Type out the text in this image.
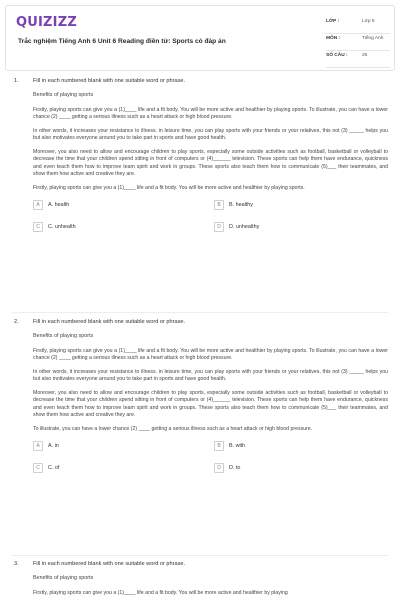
QUIZIZZ
Trắc nghiệm Tiếng Anh 6 Unit 6 Reading điền từ: Sports có đáp án
LỚP :	Lớp 6
MÔN :	Tiếng Anh
SỐ CÂU :	25
1.	Fill in each numbered blank with one suitable word or phrase.
Benefits of playing sports

Firstly, playing sports can give you a (1)____ life and a fit body. You will be more active and healthier by playing sports. To illustrate, you can have a lower chance (2) ____ getting a serious illness such as a heart attack or high blood pressure.

In other words, it increases your resistance to illness. in leisure time, you can play sports with your friends or your relatives, this not (3) _____ helps you but also motivates everyone around you to take part in sports and have good health.

Moreover, you also need to allow and encourage children to play sports, especially some outside activities such as football, basketball or volleyball to decrease the time that your children spend sitting in front of computers or (4)______ television. These sports can help them have endurance, quickness and even teach them how to improve team spirit and work in groups. These sports also teach them how to communicate (5)___ their teammates, and show them how active and creative they are.

Firstly, playing sports can give you a (1)____ life and a fit body. You will be more active and healthier by playing sports.

A	A. health	B	B. healthy
C	C. unhealth	D	D. unhealthy
2.	Fill in each numbered blank with one suitable word or phrase.
Benefits of playing sports

Firstly, playing sports can give you a (1)____ life and a fit body. You will be more active and healthier by playing sports. To illustrate, you can have a lower chance (2) ____ getting a serious illness such as a heart attack or high blood pressure.

In other words, it increases your resistance to illness. in leisure time, you can play sports with your friends or your relatives, this not (3) _____ helps you but also motivates everyone around you to take part in sports and have good health.

Moreover, you also need to allow and encourage children to play sports, especially some outside activities such as football, basketball or volleyball to decrease the time that your children spend sitting in front of computers or (4)______ television. These sports can help them have endurance, quickness and even teach them how to improve team spirit and work in groups. These sports also teach them how to communicate (5)___ their teammates, and show them how active and creative they are.

To illustrate, you can have a lower chance (2) ____ getting a serious illness such as a heart attack or high blood pressure.

A	A. in	B	B. with
C	C. of	D	D. to
3.	Fill in each numbered blank with one suitable word or phrase.
Benefits of playing sports

Firstly, playing sports can give you a (1)____ life and a fit body. You will be more active and healthier by playing
